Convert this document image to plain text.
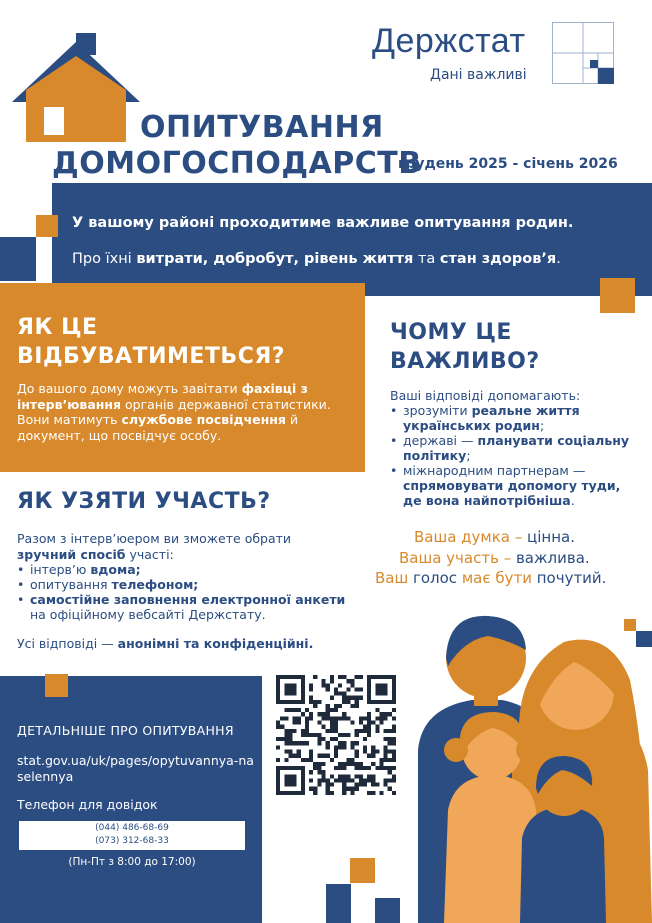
Держстат
Дані важливі
ОПИТУВАННЯ
ДОМОГОСПОДАРСТВ
грудень 2025 - січень 2026
У вашому районі проходитиме важливе опитування родин.
Про їхні витрати, добробут, рівень життя та стан здоров’я.
ЯК ЦЕ ВІДБУВАТИМЕТЬСЯ?
До вашого дому можуть завітати фахівці з інтерв’ювання органів державної статистики. Вони матимуть службове посвідчення й документ, що посвідчує особу.
ЧОМУ ЦЕ
ВАЖЛИВО?
Ваші відповіді допомагають:
• зрозуміти реальне життя українських родин;
• державі — планувати соціальну політику;
• міжнародним партнерам — спрямовувати допомогу туди, де вона найпотрібніша.
Ваша думка – цінна.
Ваша участь – важлива.
Ваш голос має бути почутий.
ЯК УЗЯТИ УЧАСТЬ?
Разом з інтерв’юером ви зможете обрати
зручний спосіб участі:
• інтерв’ю вдома;
• опитування телефоном;
• самостійне заповнення електронної анкети на офіційному вебсайті Держстату.
Усі відповіді — анонімні та конфіденційні.
ДЕТАЛЬНІШЕ ПРО ОПИТУВАННЯ
stat.gov.ua/uk/pages/opytuvannya-naselennya
Телефон для довідок
(044) 486-68-69
(073) 312-68-33
(Пн-Пт з 8:00 до 17:00)
